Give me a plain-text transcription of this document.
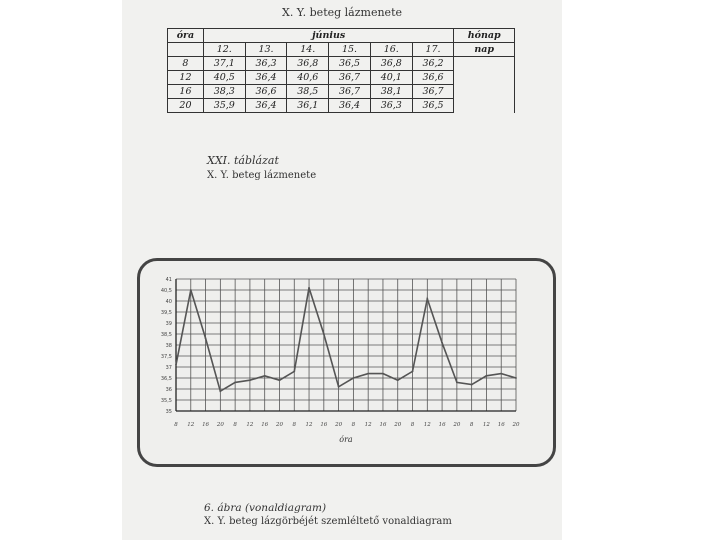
X. Y. beteg lázmenete
óra	június						hónap
	12.	13.	14.	15.	16.	17.	nap
8	37,1	36,3	36,8	36,5	36,8	36,2	
12	40,5	36,4	40,6	36,7	40,1	36,6	
16	38,3	36,6	38,5	36,7	38,1	36,7	
20	35,9	36,4	36,1	36,4	36,3	36,5	
XXI. táblázat
X. Y. beteg lázmenete
6. ábra (vonaldiagram)
X. Y. beteg lázgörbéjét szemléltető vonaldiagram
41
40,5
40
39,5
39
38,5
38
37,5
37
36,5
36
35,5
35
8 12 16 20 8 12 16 20 8 12 16 20 8 12 16 20 8 12 16 20 8 12 16 20
óra
